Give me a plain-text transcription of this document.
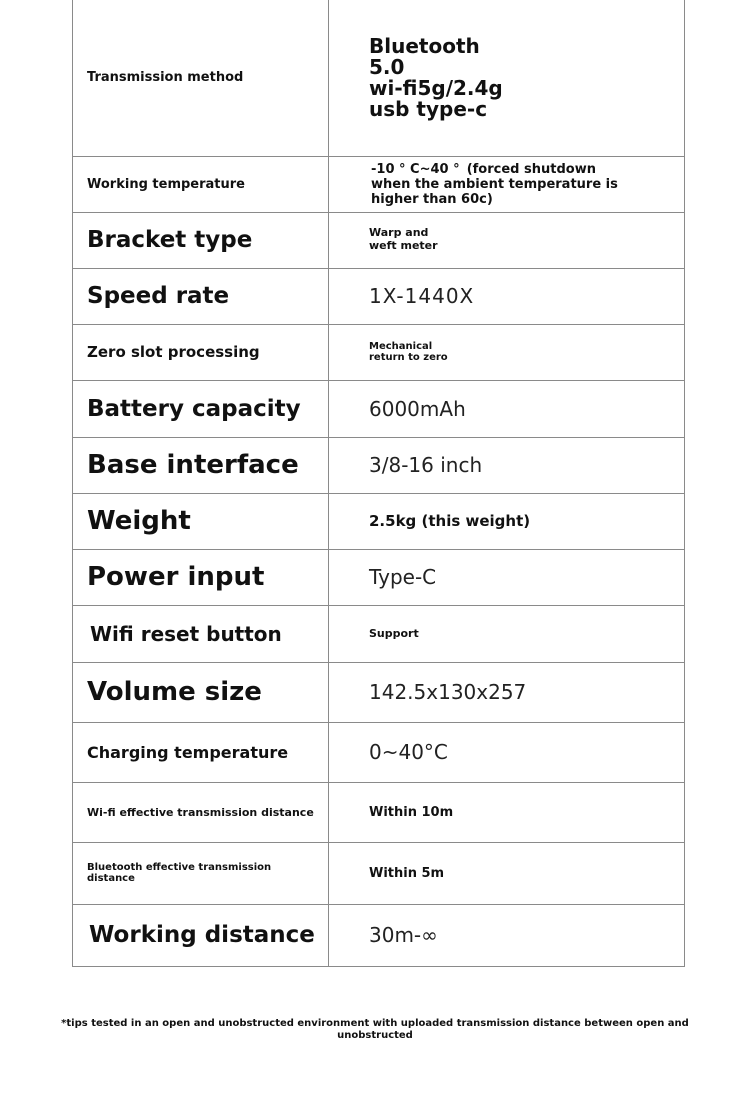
Transmission method	Bluetooth
5.0
wi-fi5g/2.4g
usb type-c

Working temperature	-10 ° C~40 °  (forced shutdown
when the ambient temperature is
higher than 60c)

Bracket type	Warp and
weft meter

Speed rate	1X-1440X
Zero slot processing	Mechanical
return to zero

Battery capacity	6000mAh
Base interface	3/8-16 inch
Weight	2.5kg (this weight)
Power input	Type-C
Wifi reset button	Support
Volume size	142.5x130x257
Charging temperature	0~40°C
Wi-fi effective transmission distance	Within 10m

Bluetooth effective transmission
distance	Within 5m
Working distance	30m-∞
*tips tested in an open and unobstructed environment with uploaded transmission distance between open and
unobstructed
